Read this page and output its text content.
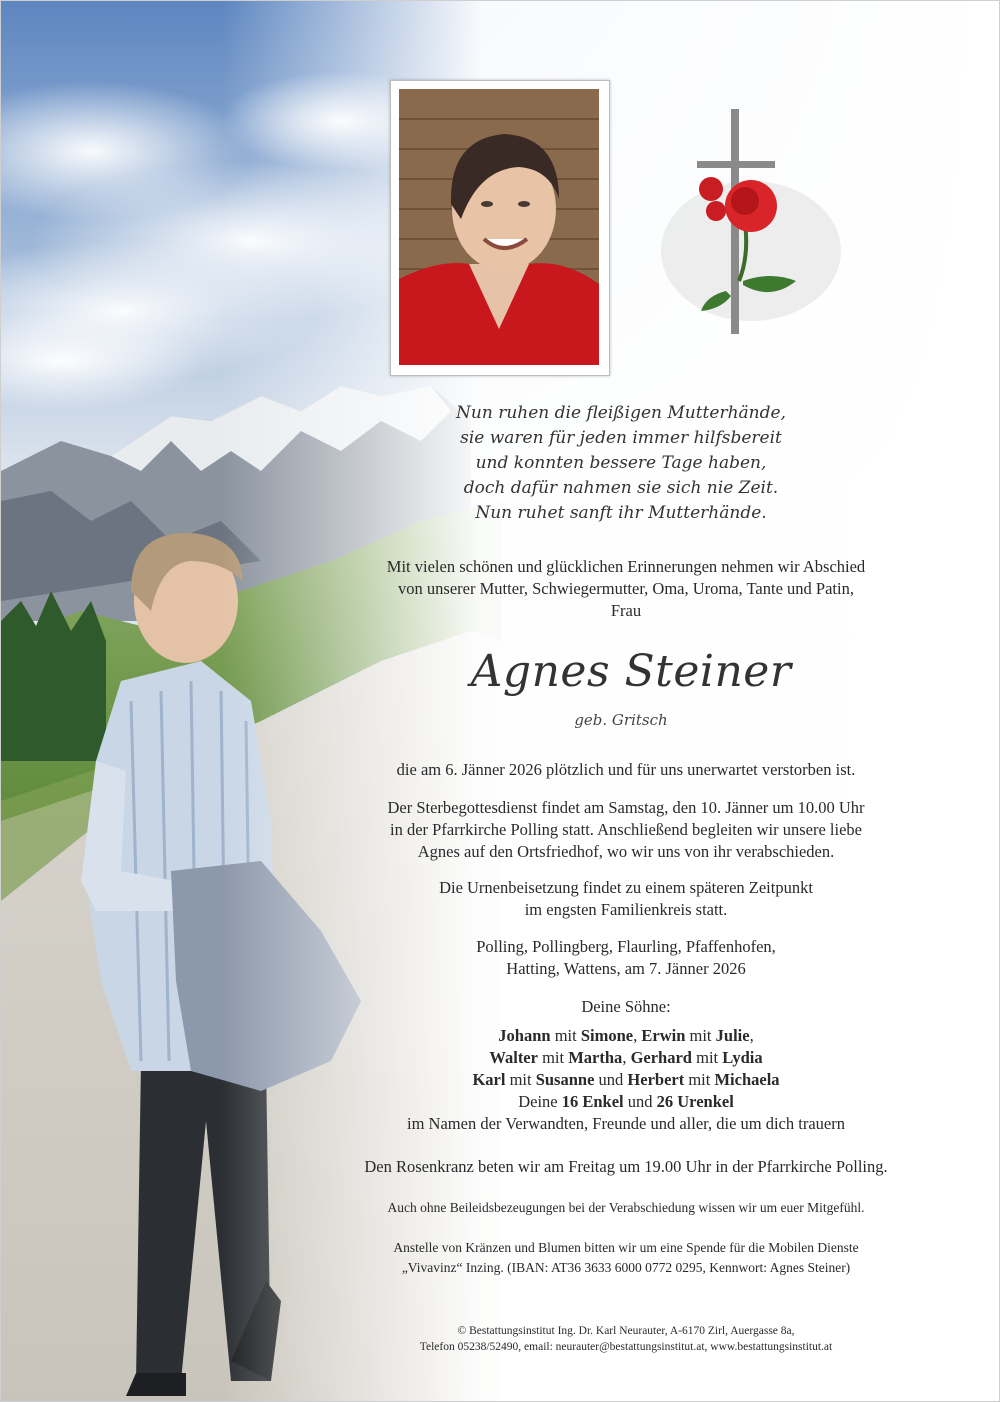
Nun ruhen die fleißigen Mutterhände,
sie waren für jeden immer hilfsbereit
und konnten bessere Tage haben,
doch dafür nahmen sie sich nie Zeit.
Nun ruhet sanft ihr Mutterhände.
Mit vielen schönen und glücklichen Erinnerungen nehmen wir Abschied
von unserer Mutter, Schwiegermutter, Oma, Uroma, Tante und Patin,
Frau
Agnes Steiner
geb. Gritsch
die am 6. Jänner 2026 plötzlich und für uns unerwartet verstorben ist.
Der Sterbegottesdienst findet am Samstag, den 10. Jänner um 10.00 Uhr
in der Pfarrkirche Polling statt. Anschließend begleiten wir unsere liebe
Agnes auf den Ortsfriedhof, wo wir uns von ihr verabschieden.
Die Urnenbeisetzung findet zu einem späteren Zeitpunkt
im engsten Familienkreis statt.
Polling, Pollingberg, Flaurling, Pfaffenhofen,
Hatting, Wattens, am 7. Jänner 2026
Deine Söhne:
Johann mit Simone, Erwin mit Julie,
Walter mit Martha, Gerhard mit Lydia
Karl mit Susanne und Herbert mit Michaela
Deine 16 Enkel und 26 Urenkel
im Namen der Verwandten, Freunde und aller, die um dich trauern
Den Rosenkranz beten wir am Freitag um 19.00 Uhr in der Pfarrkirche Polling.
Auch ohne Beileidsbezeugungen bei der Verabschiedung wissen wir um euer Mitgefühl.
Anstelle von Kränzen und Blumen bitten wir um eine Spende für die Mobilen Dienste
„Vivavinz“ Inzing. (IBAN: AT36 3633 6000 0772 0295, Kennwort: Agnes Steiner)
© Bestattungsinstitut Ing. Dr. Karl Neurauter, A-6170 Zirl, Auergasse 8a,
Telefon 05238/52490, email: neurauter@bestattungsinstitut.at, www.bestattungsinstitut.at
